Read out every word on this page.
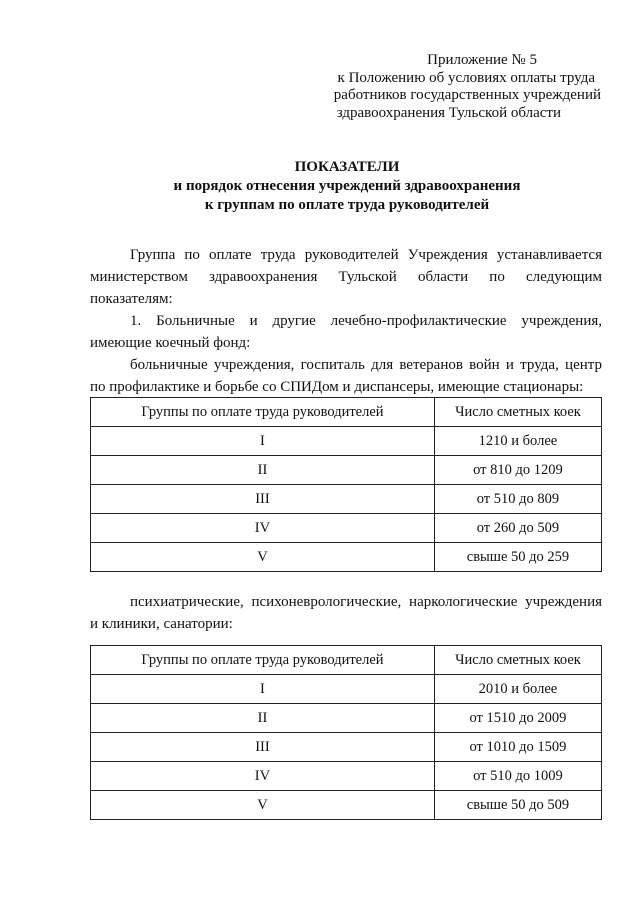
Приложение № 5
к Положению об условиях оплаты труда
работников государственных учреждений
здравоохранения Тульской области
ПОКАЗАТЕЛИ
и порядок отнесения учреждений здравоохранения
к группам по оплате труда руководителей
Группа по оплате труда руководителей Учреждения устанавливается
министерством здравоохранения Тульской области по следующим
показателям:
1. Больничные и другие лечебно-профилактические учреждения,
имеющие коечный фонд:
больничные учреждения, госпиталь для ветеранов войн и труда, центр
по профилактике и борьбе со СПИДом и диспансеры, имеющие стационары:
Группы по оплате труда руководителей	Число сметных коек
I	1210 и более
II	от 810 до 1209
III	от 510 до 809
IV	от 260 до 509
V	свыше 50 до 259
психиатрические, психоневрологические, наркологические учреждения
и клиники, санатории:
Группы по оплате труда руководителей	Число сметных коек
I	2010 и более
II	от 1510 до 2009
III	от 1010 до 1509
IV	от 510 до 1009
V	свыше 50 до 509
